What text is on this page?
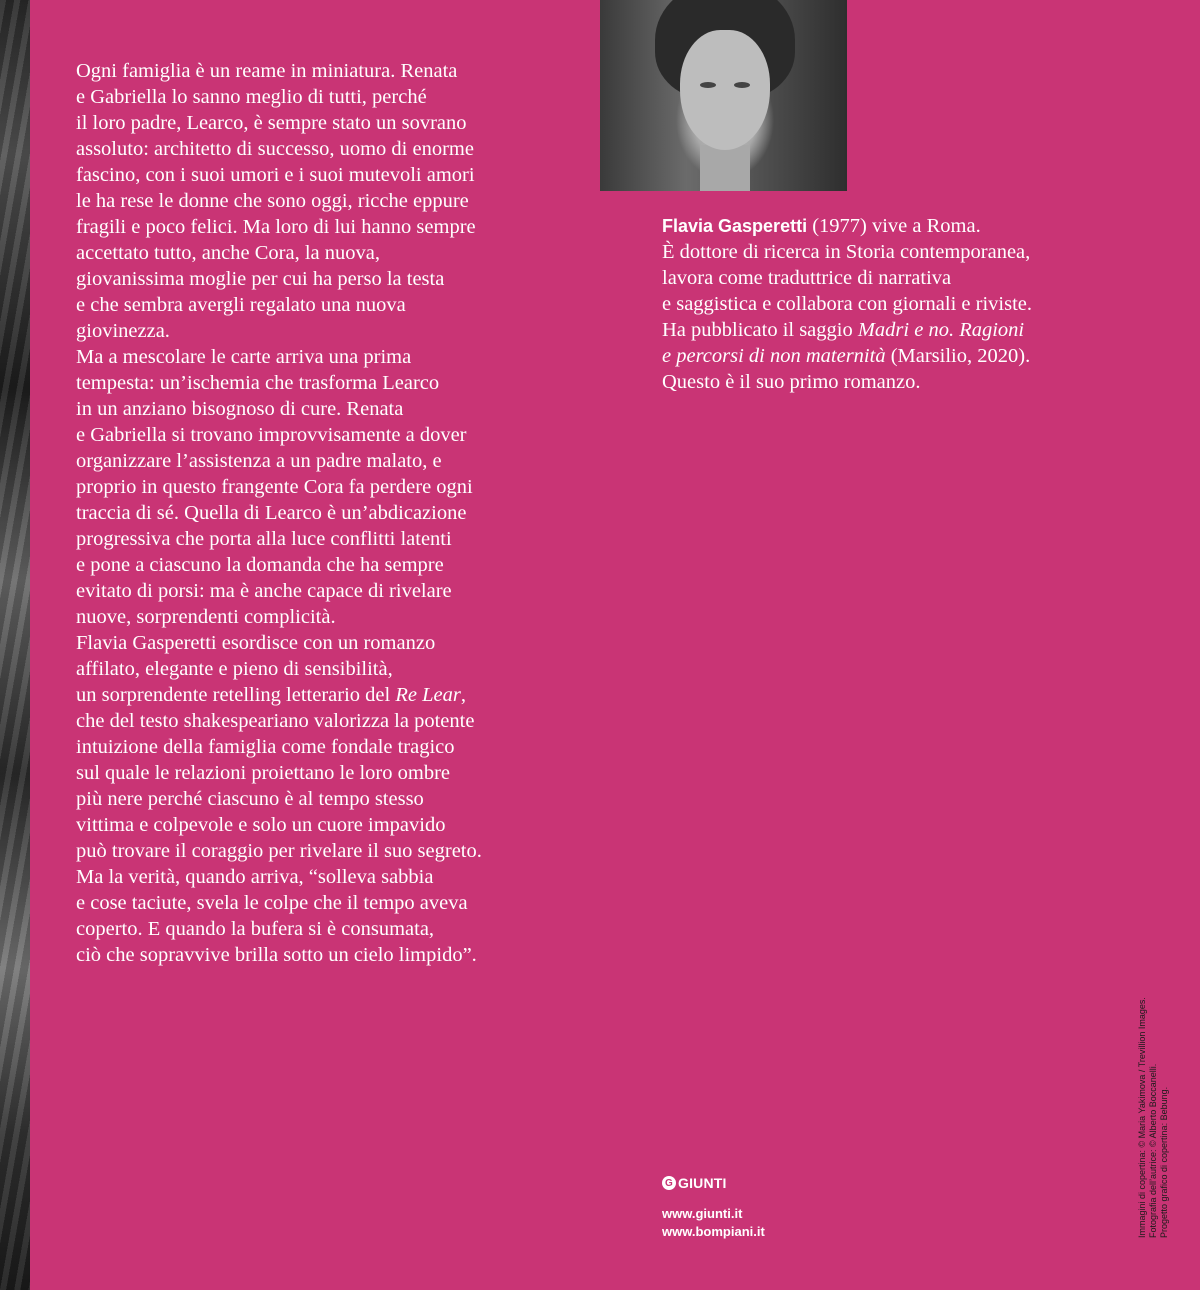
Ogni famiglia è un reame in miniatura. Renata
e Gabriella lo sanno meglio di tutti, perché
il loro padre, Learco, è sempre stato un sovrano
assoluto: architetto di successo, uomo di enorme
fascino, con i suoi umori e i suoi mutevoli amori
le ha rese le donne che sono oggi, ricche eppure
fragili e poco felici. Ma loro di lui hanno sempre
accettato tutto, anche Cora, la nuova,
giovanissima moglie per cui ha perso la testa
e che sembra avergli regalato una nuova
giovinezza.

Ma a mescolare le carte arriva una prima
tempesta: un’ischemia che trasforma Learco
in un anziano bisognoso di cure. Renata
e Gabriella si trovano improvvisamente a dover
organizzare l’assistenza a un padre malato, e
proprio in questo frangente Cora fa perdere ogni
traccia di sé. Quella di Learco è un’abdicazione
progressiva che porta alla luce conflitti latenti
e pone a ciascuno la domanda che ha sempre
evitato di porsi: ma è anche capace di rivelare
nuove, sorprendenti complicità.

Flavia Gasperetti esordisce con un romanzo
affilato, elegante e pieno di sensibilità,
un sorprendente retelling letterario del Re Lear,
che del testo shakespeariano valorizza la potente
intuizione della famiglia come fondale tragico
sul quale le relazioni proiettano le loro ombre
più nere perché ciascuno è al tempo stesso
vittima e colpevole e solo un cuore impavido
può trovare il coraggio per rivelare il suo segreto.
Ma la verità, quando arriva, “solleva sabbia
e cose taciute, svela le colpe che il tempo aveva
coperto. E quando la bufera si è consumata,
ciò che sopravvive brilla sotto un cielo limpido”.

Flavia Gasperetti (1977) vive a Roma.
È dottore di ricerca in Storia contemporanea,
lavora come traduttrice di narrativa
e saggistica e collabora con giornali e riviste.
Ha pubblicato il saggio Madri e no. Ragioni
e percorsi di non maternità (Marsilio, 2020).
Questo è il suo primo romanzo.
G GIUNTI
www.giunti.it
www.bompiani.it	Immagini di copertina: © Maria Yakimova / Trevillion Images. Fotografia dell’autrice: © Alberto Boccanelli. Progetto grafico di copertina: Bebung.
